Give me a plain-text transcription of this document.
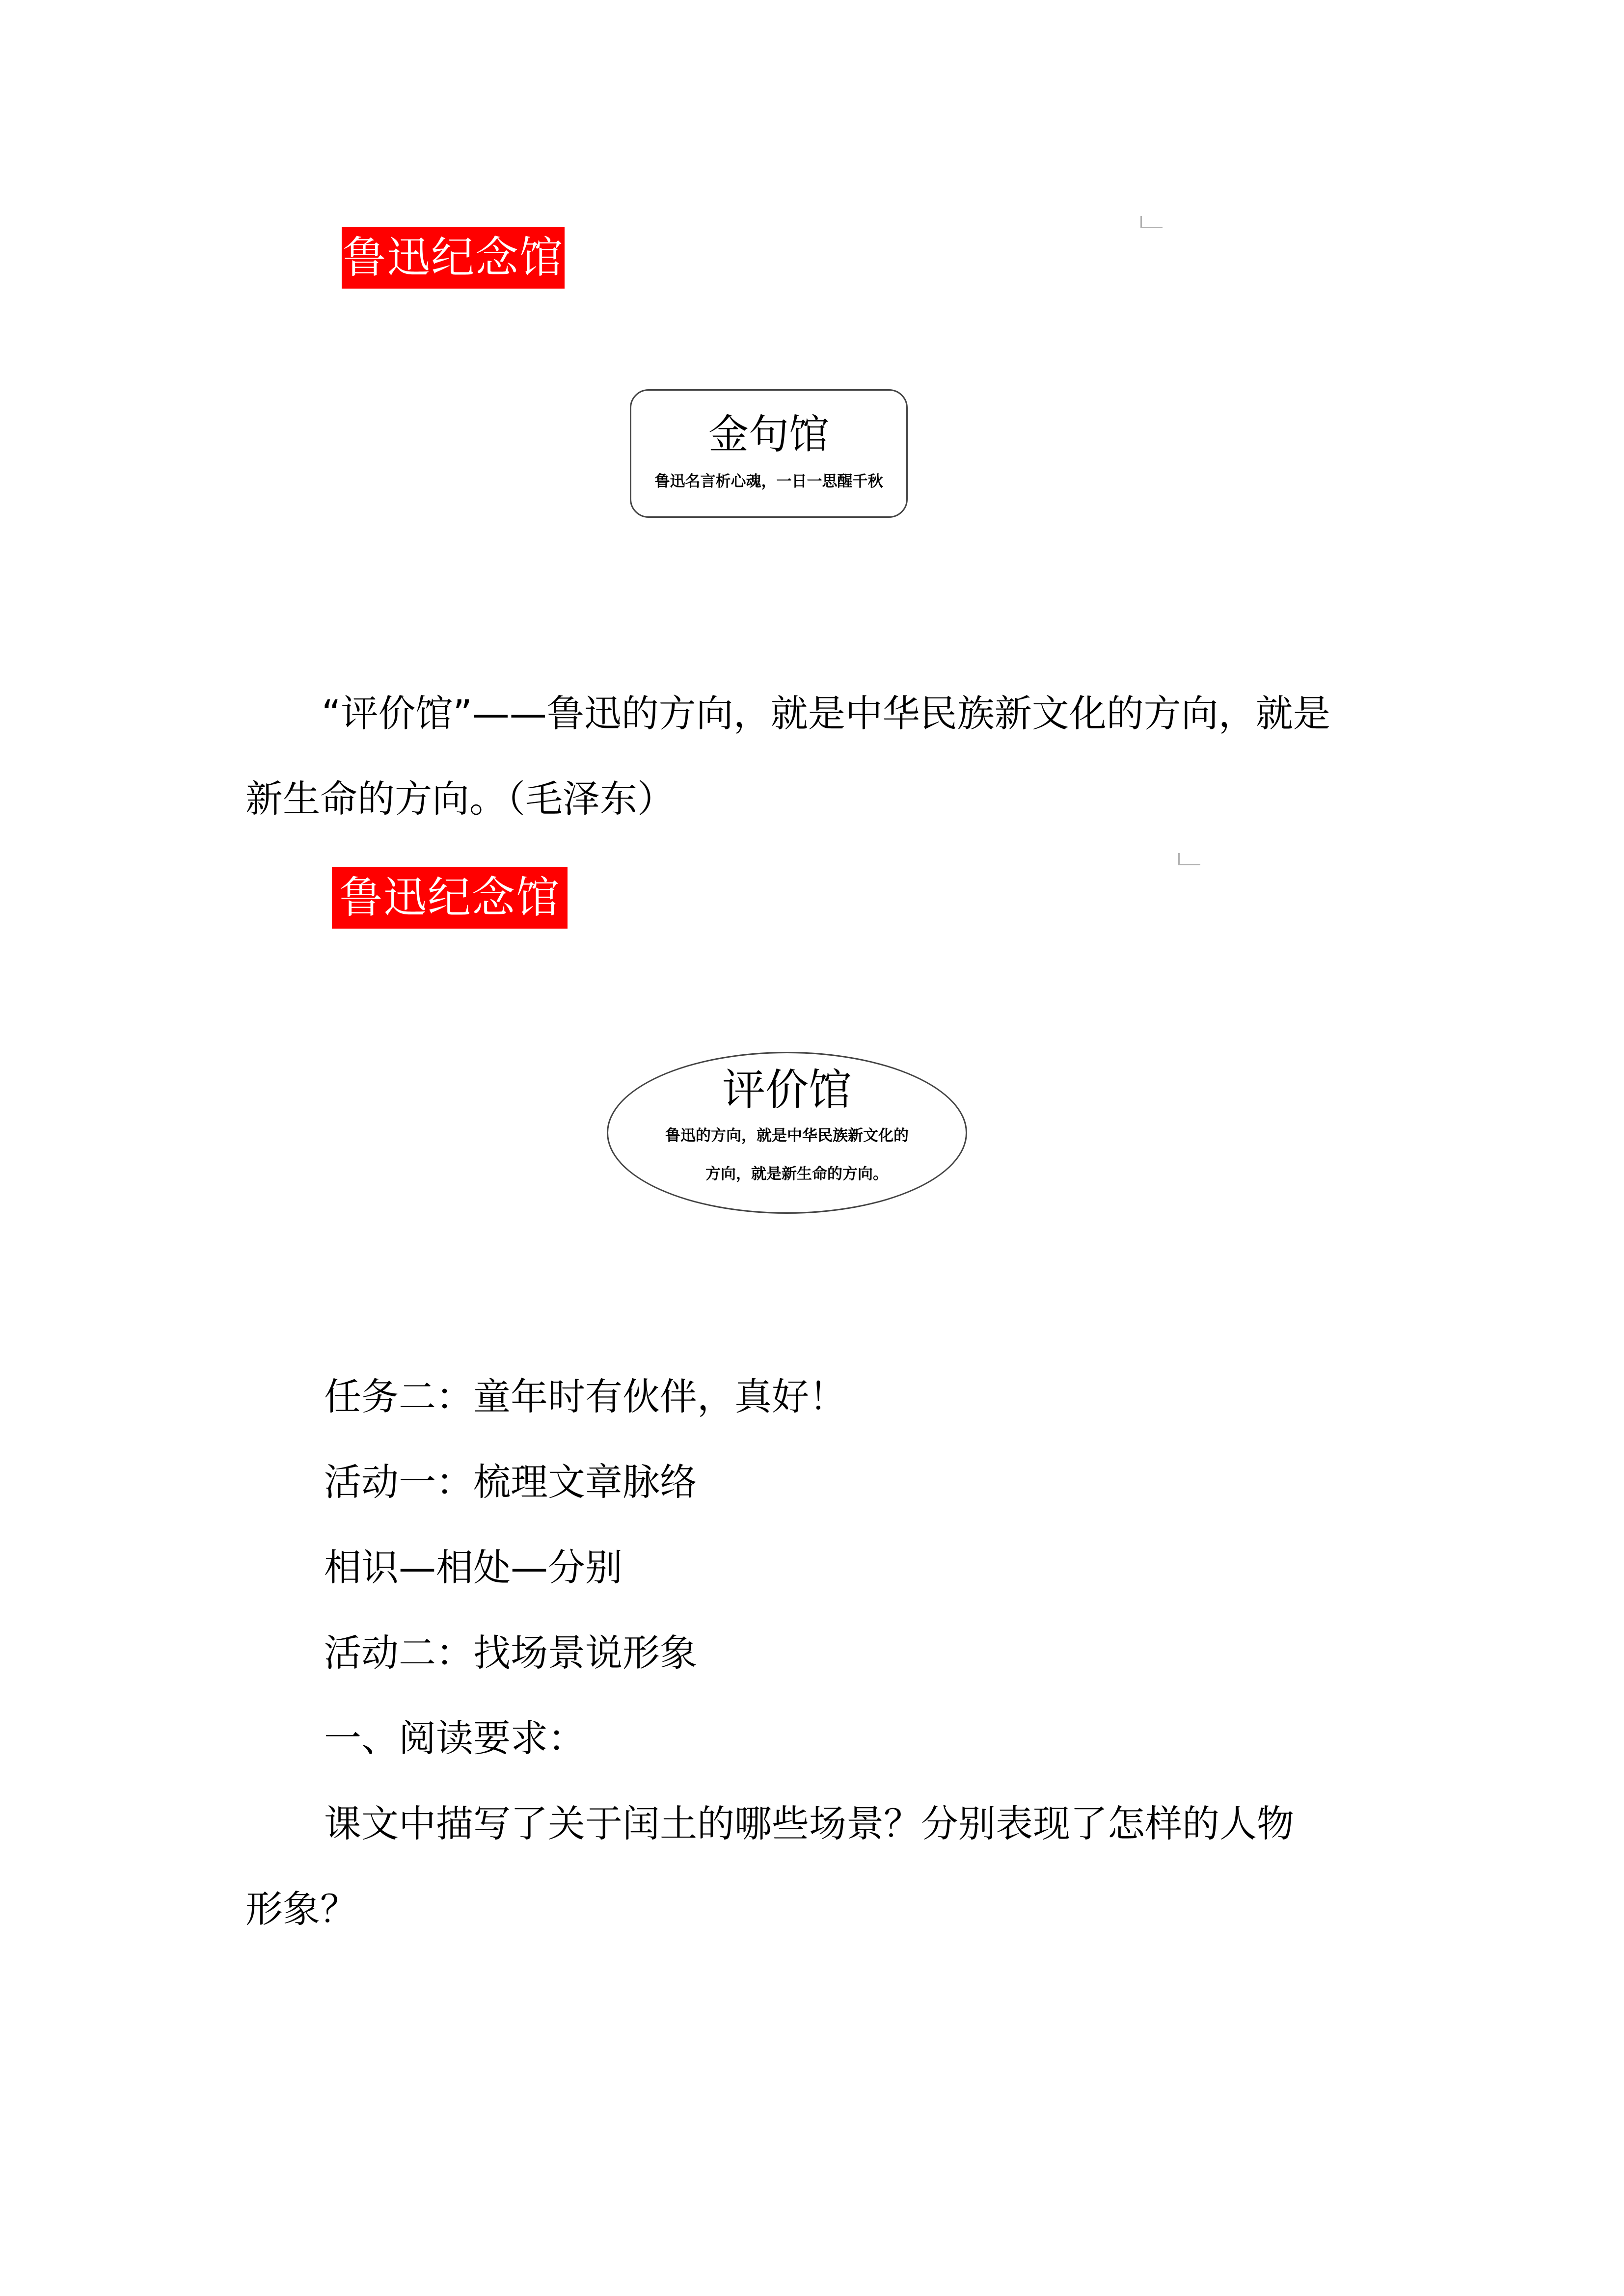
鲁迅纪念馆
金句馆
鲁迅名言析心魂，一日一思醒千秋
“评价馆”——鲁迅的方向，就是中华民族新文化的方向，就是
新生命的方向。（毛泽东）
鲁迅纪念馆
评价馆
鲁迅的方向，就是中华民族新文化的
方向，就是新生命的方向。
任务二：童年时有伙伴，真好！
活动一：梳理文章脉络
相识—相处—分别
活动二：找场景说形象
一、阅读要求：
课文中描写了关于闰土的哪些场景？分别表现了怎样的人物
形象？
